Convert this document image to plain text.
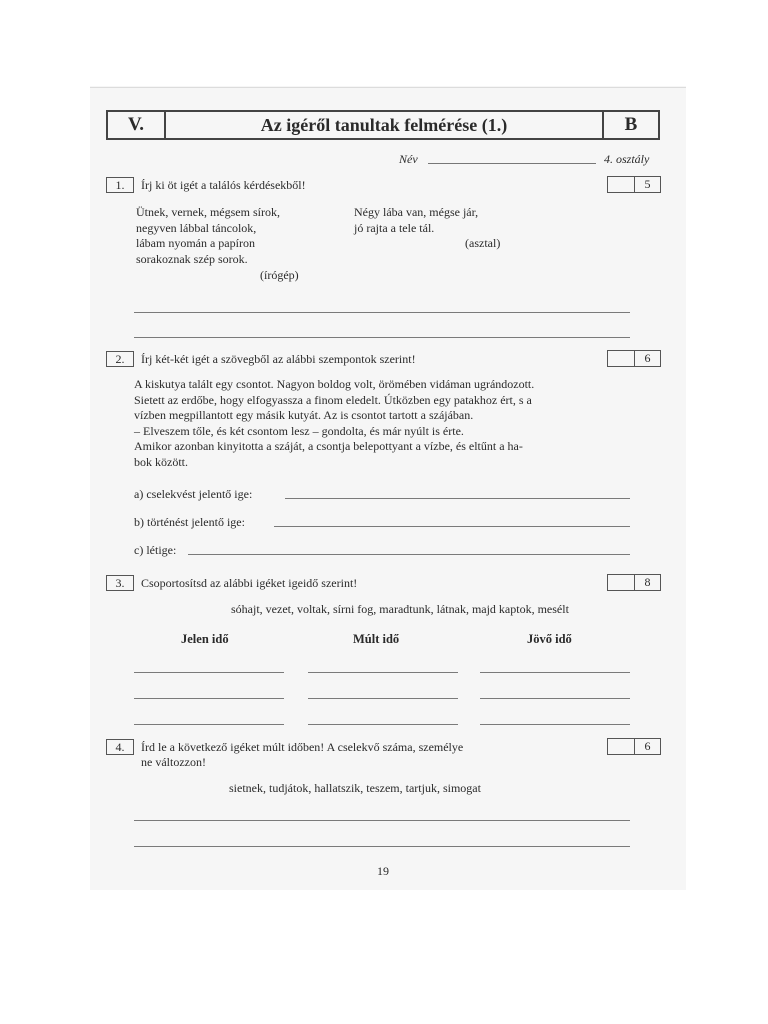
V.	Az igéről tanultak felmérése (1.)	B
Név	4. osztály
1.	Írj ki öt igét a találós kérdésekből!	5
Ütnek, vernek, mégsem sírok,
negyven lábbal táncolok,
lábam nyomán a papíron
sorakoznak szép sorok.
(írógép)
Négy lába van, mégse jár,
jó rajta a tele tál.
(asztal)
2.	Írj két-két igét a szövegből az alábbi szempontok szerint!	6
A kiskutya talált egy csontot. Nagyon boldog volt, örömében vidáman ugrándozott.
Sietett az erdőbe, hogy elfogyassza a finom eledelt. Útközben egy patakhoz ért, s a
vízben megpillantott egy másik kutyát. Az is csontot tartott a szájában.
– Elveszem tőle, és két csontom lesz – gondolta, és már nyúlt is érte.
Amikor azonban kinyitotta a száját, a csontja belepottyant a vízbe, és eltűnt a ha-
bok között.
a) cselekvést jelentő ige:
b) történést jelentő ige:
c) létige:
3.	Csoportosítsd az alábbi igéket igeidő szerint!	8
sóhajt, vezet, voltak, sírni fog, maradtunk, látnak, majd kaptok, mesélt
Jelen idő	Múlt idő	Jövő idő
4.	Írd le a következő igéket múlt időben! A cselekvő száma, személye
ne változzon!
6
sietnek, tudjátok, hallatszik, teszem, tartjuk, simogat
19
